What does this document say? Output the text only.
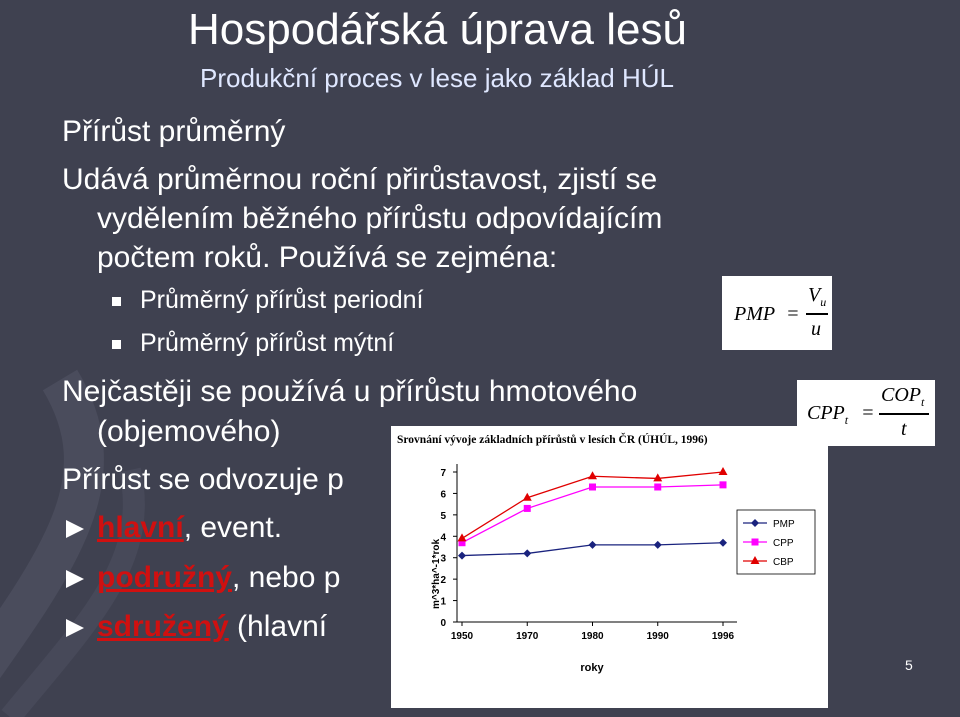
Hospodářská úprava lesů
Produkční proces v lese jako základ HÚL
Přírůst průměrný
Udává průměrnou roční přirůstavost, zjistí se
vydělením běžného přírůstu odpovídajícím
počtem roků. Používá se zejména:
Průměrný přírůst periodní
Průměrný přírůst mýtní
Nejčastěji se používá u přírůstu hmotového
(objemového)
Přírůst se odvozuje p
hlavní, event.
podružný, nebo p
sdružený (hlavní
PMP =
$V_u$
u
$CPP_t$ =
$COP_t$
t
Srovnání vývoje základních přírůstů v lesích ČR (ÚHÚL, 1996)
0
1
2
3
4
5
6
7
1950	1970	1980	1990	1996
m^3*ha^-1*rok
roky
PMP
CPP
CBP
5
